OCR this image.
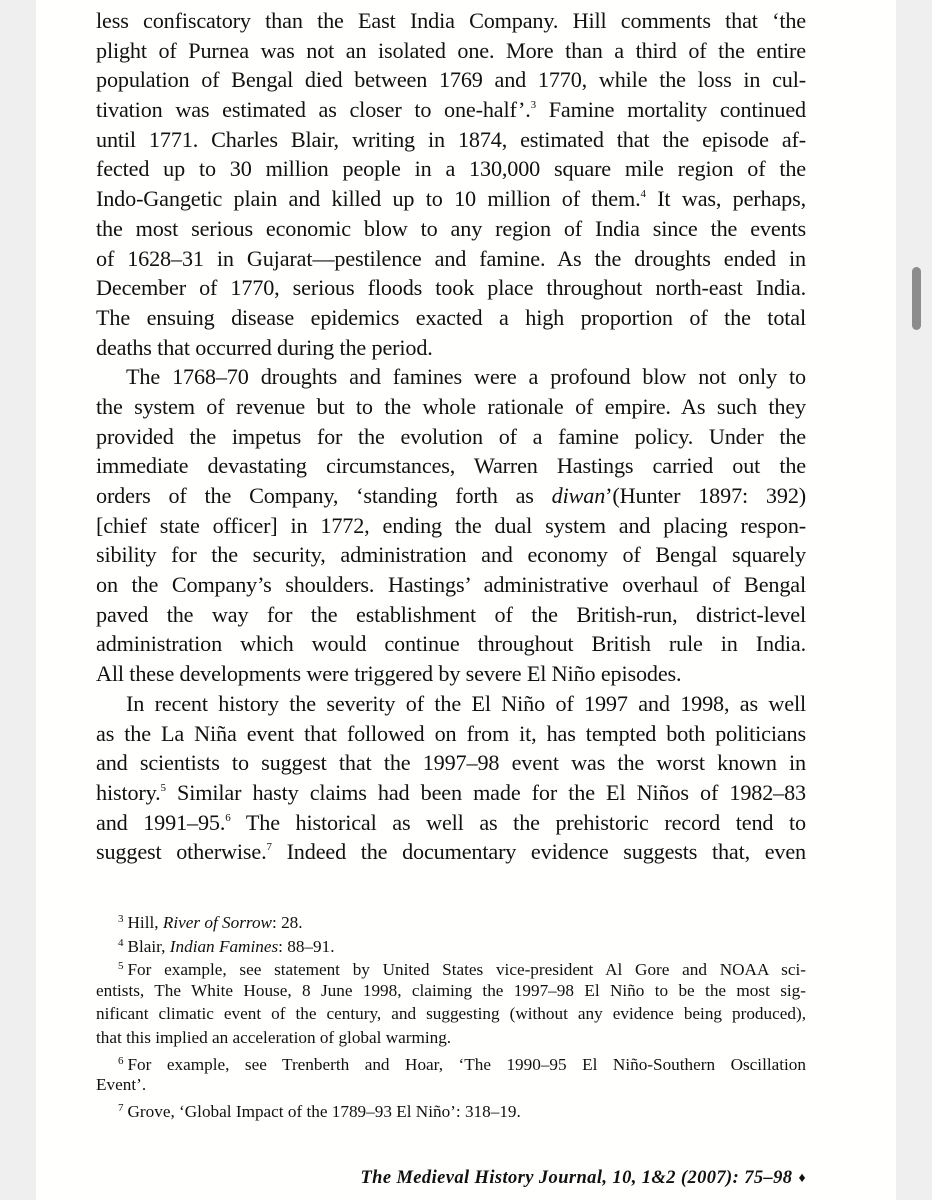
less confiscatory than the East India Company. Hill comments that ‘the
plight of Purnea was not an isolated one. More than a third of the entire
population of Bengal died between 1769 and 1770, while the loss in cul-
tivation was estimated as closer to one-half’.$^3$ Famine mortality continued
until 1771. Charles Blair, writing in 1874, estimated that the episode af-
fected up to 30 million people in a 130,000 square mile region of the
Indo-Gangetic plain and killed up to 10 million of them.$^4$ It was, perhaps,
the most serious economic blow to any region of India since the events
of 1628–31 in Gujarat—pestilence and famine. As the droughts ended in
December of 1770, serious floods took place throughout north-east India.
The ensuing disease epidemics exacted a high proportion of the total
deaths that occurred during the period.
The 1768–70 droughts and famines were a profound blow not only to
the system of revenue but to the whole rationale of empire. As such they
provided the impetus for the evolution of a famine policy. Under the
immediate devastating circumstances, Warren Hastings carried out the
orders of the Company, ‘standing forth as diwan’(Hunter 1897: 392)
[chief state officer] in 1772, ending the dual system and placing respon-
sibility for the security, administration and economy of Bengal squarely
on the Company’s shoulders. Hastings’ administrative overhaul of Bengal
paved the way for the establishment of the British-run, district-level
administration which would continue throughout British rule in India.
All these developments were triggered by severe El Niño episodes.
In recent history the severity of the El Niño of 1997 and 1998, as well
as the La Niña event that followed on from it, has tempted both politicians
and scientists to suggest that the 1997–98 event was the worst known in
history.$^5$ Similar hasty claims had been made for the El Niños of 1982–83
and 1991–95.$^6$ The historical as well as the prehistoric record tend to
suggest otherwise.$^7$ Indeed the documentary evidence suggests that, even
$^3$ Hill, River of Sorrow: 28.
$^4$ Blair, Indian Famines: 88–91.
$^5$ For example, see statement by United States vice-president Al Gore and NOAA sci-
entists, The White House, 8 June 1998, claiming the 1997–98 El Niño to be the most sig-
nificant climatic event of the century, and suggesting (without any evidence being produced),
that this implied an acceleration of global warming.
$^6$ For example, see Trenberth and Hoar, ‘The 1990–95 El Niño-Southern Oscillation
Event’.
$^7$ Grove, ‘Global Impact of the 1789–93 El Niño’: 318–19.
The Medieval History Journal, 10, 1&2 (2007): 75–98 ♦
